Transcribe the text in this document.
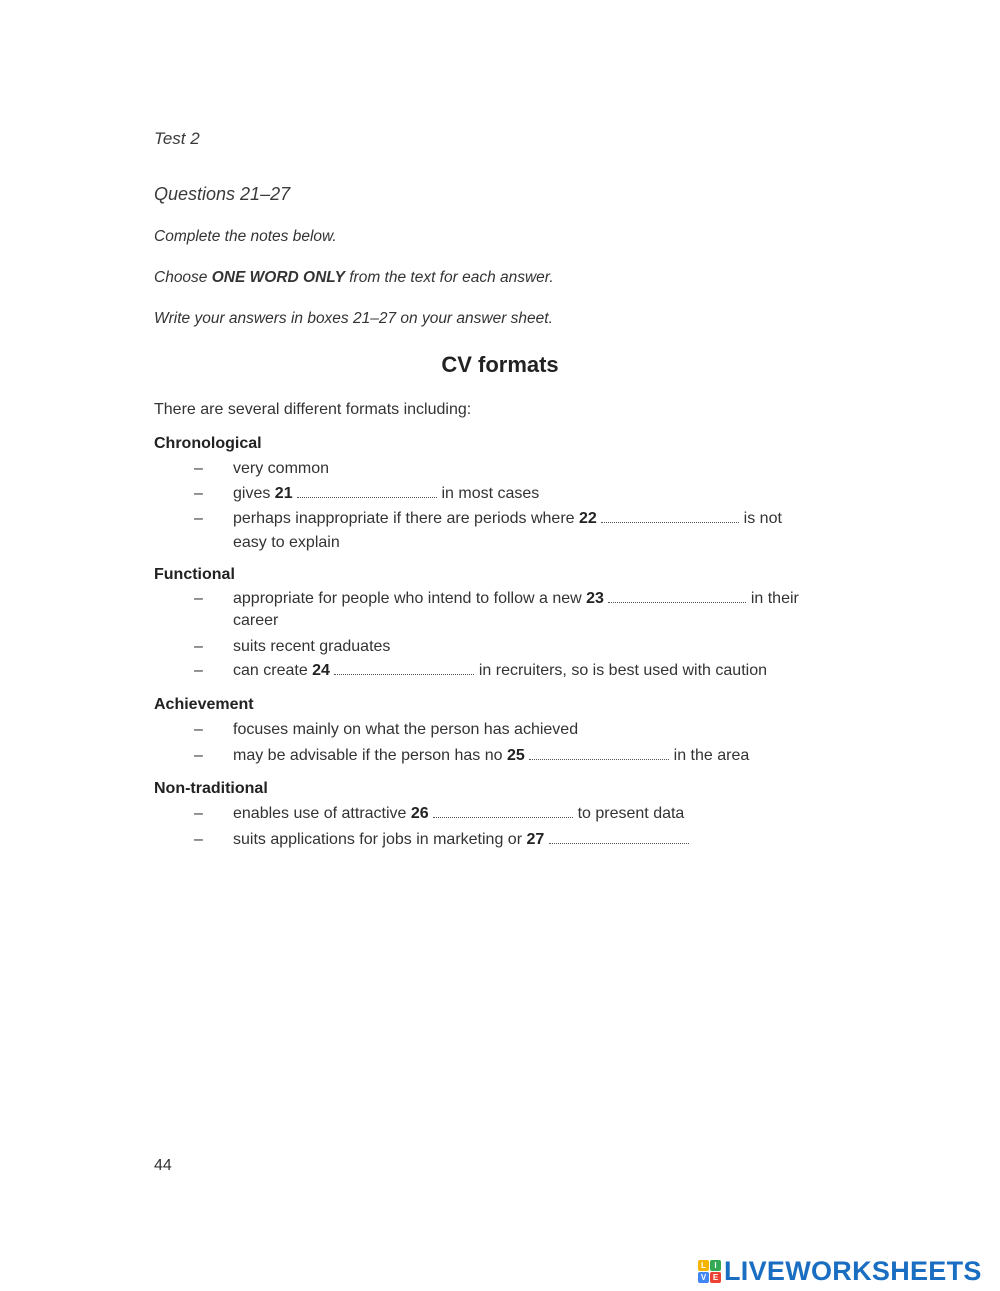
Test 2
Questions 21–27
Complete the notes below.
Choose ONE WORD ONLY from the text for each answer.
Write your answers in boxes 21–27 on your answer sheet.
CV formats
There are several different formats including:
Chronological
– very common
– gives 21	in most cases
– perhaps inappropriate if there are periods where 22	is not
easy to explain
Functional
– appropriate for people who intend to follow a new 23	in their
career
– suits recent graduates
– can create 24	in recruiters, so is best used with caution
Achievement
– focuses mainly on what the person has achieved
– may be advisable if the person has no 25	in the area
Non-traditional
– enables use of attractive 26	to present data
– suits applications for jobs in marketing or 27
44
L	I
V E LIVEWORKSHEETS
